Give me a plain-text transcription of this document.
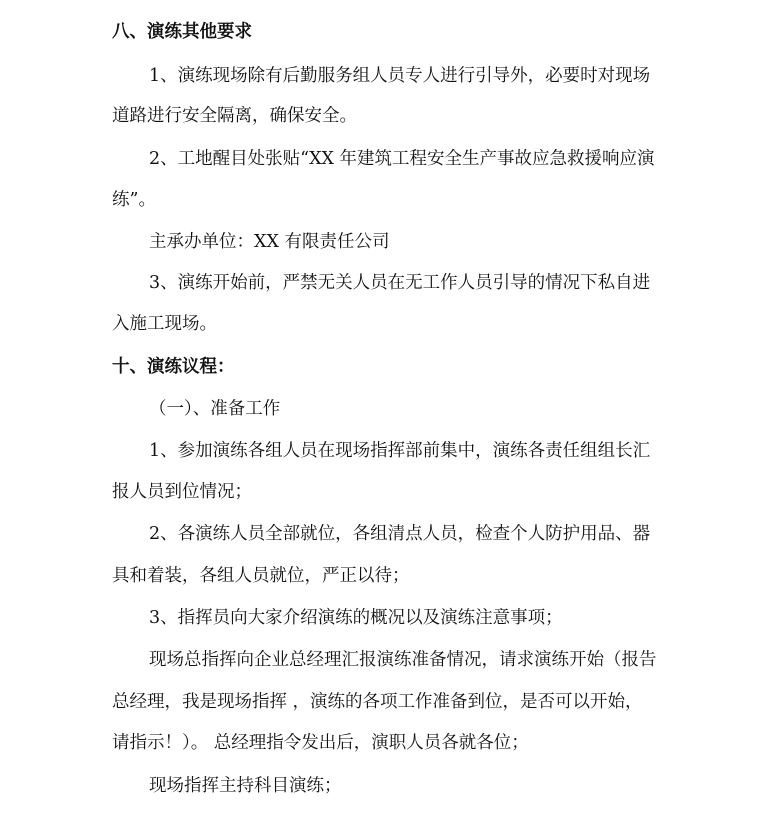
八、演练其他要求
1、演练现场除有后勤服务组人员专人进行引导外，必要时对现场
道路进行安全隔离，确保安全。
2、工地醒目处张贴“XX 年建筑工程安全生产事故应急救援响应演
练”。
主承办单位：XX 有限责任公司
3、演练开始前，严禁无关人员在无工作人员引导的情况下私自进
入施工现场。
十、演练议程：
（一）、准备工作
1、参加演练各组人员在现场指挥部前集中，演练各责任组组长汇
报人员到位情况；
2、各演练人员全部就位，各组清点人员，检查个人防护用品、器
具和着装，各组人员就位，严正以待；
3、指挥员向大家介绍演练的概况以及演练注意事项；
现场总指挥向企业总经理汇报演练准备情况，请求演练开始（报告
总经理，我是现场指挥 ，演练的各项工作准备到位，是否可以开始，
请指示！）。 总经理指令发出后，演职人员各就各位；
现场指挥主持科目演练；
